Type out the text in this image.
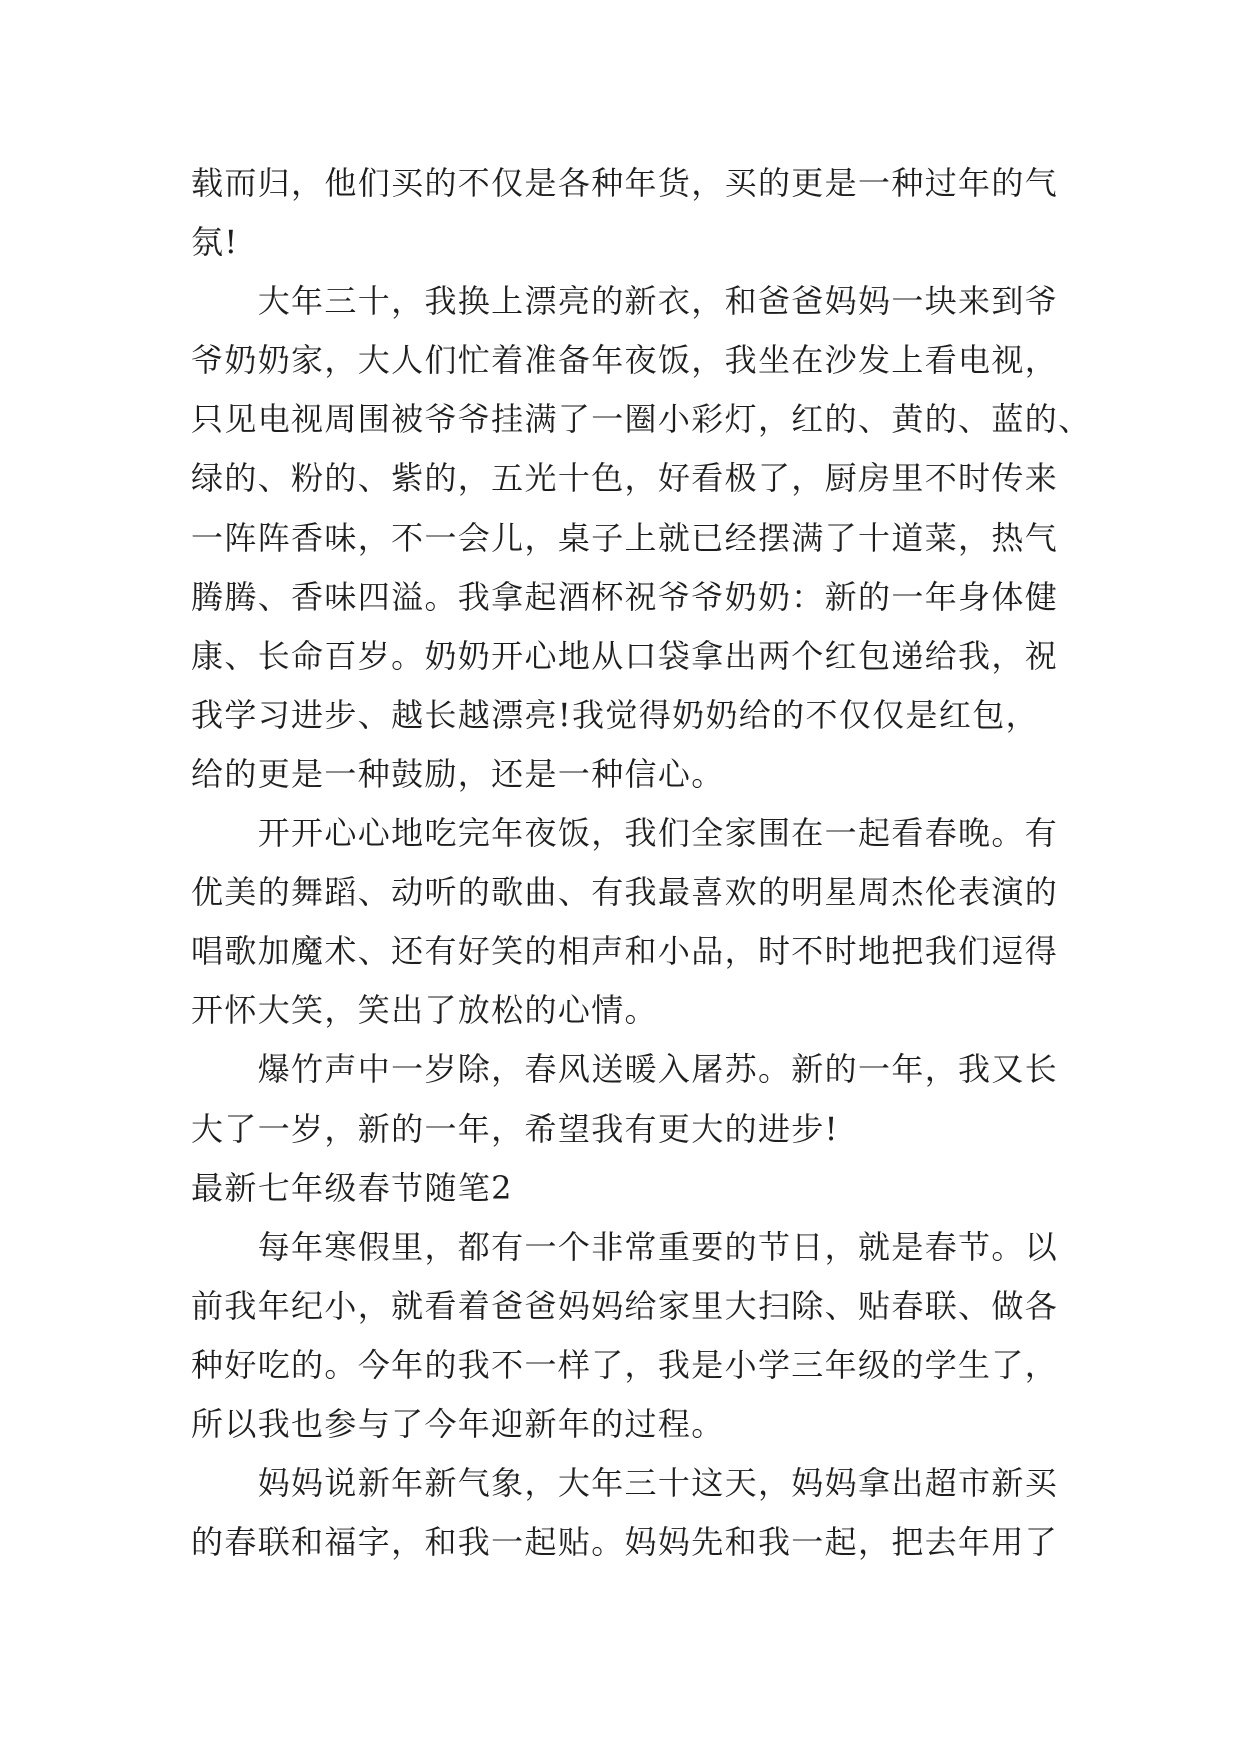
载而归，他们买的不仅是各种年货，买的更是一种过年的气
氛!
大年三十，我换上漂亮的新衣，和爸爸妈妈一块来到爷
爷奶奶家，大人们忙着准备年夜饭，我坐在沙发上看电视，
只见电视周围被爷爷挂满了一圈小彩灯，红的、黄的、蓝的、
绿的、粉的、紫的，五光十色，好看极了，厨房里不时传来
一阵阵香味，不一会儿，桌子上就已经摆满了十道菜，热气
腾腾、香味四溢。我拿起酒杯祝爷爷奶奶：新的一年身体健
康、长命百岁。奶奶开心地从口袋拿出两个红包递给我，祝
我学习进步、越长越漂亮!我觉得奶奶给的不仅仅是红包，
给的更是一种鼓励，还是一种信心。
开开心心地吃完年夜饭，我们全家围在一起看春晚。有
优美的舞蹈、动听的歌曲、有我最喜欢的明星周杰伦表演的
唱歌加魔术、还有好笑的相声和小品，时不时地把我们逗得
开怀大笑，笑出了放松的心情。
爆竹声中一岁除，春风送暖入屠苏。新的一年，我又长
大了一岁，新的一年，希望我有更大的进步!
最新七年级春节随笔2
每年寒假里，都有一个非常重要的节日，就是春节。以
前我年纪小，就看着爸爸妈妈给家里大扫除、贴春联、做各
种好吃的。今年的我不一样了，我是小学三年级的学生了，
所以我也参与了今年迎新年的过程。
妈妈说新年新气象，大年三十这天，妈妈拿出超市新买
的春联和福字，和我一起贴。妈妈先和我一起，把去年用了
